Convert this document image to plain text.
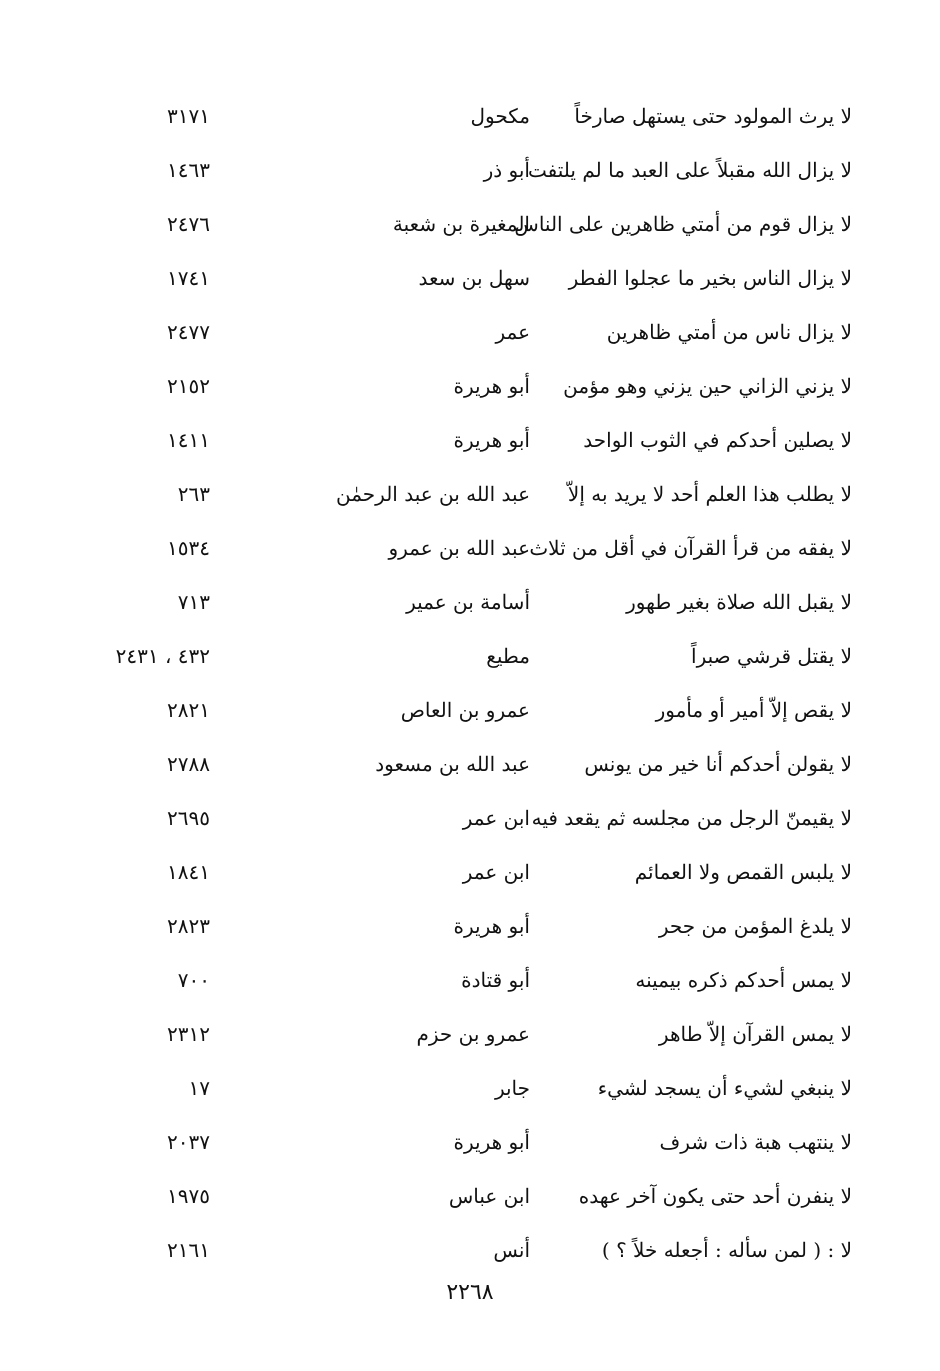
لا يرث المولود حتى يستهل صارخاً
مكحول
٣١٧١
لا يزال الله مقبلاً على العبد ما لم يلتفت
أبو ذر
١٤٦٣
لا يزال قوم من أمتي ظاهرين على الناس
المغيرة بن شعبة
٢٤٧٦
لا يزال الناس بخير ما عجلوا الفطر
سهل بن سعد
١٧٤١
لا يزال ناس من أمتي ظاهرين
عمر
٢٤٧٧
لا يزني الزاني حين يزني وهو مؤمن
أبو هريرة
٢١٥٢
لا يصلين أحدكم في الثوب الواحد
أبو هريرة
١٤١١
لا يطلب هذا العلم أحد لا يريد به إلاّ
عبد الله بن عبد الرحمٰن
٢٦٣
لا يفقه من قرأ القرآن في أقل من ثلاث
عبد الله بن عمرو
١٥٣٤
لا يقبل الله صلاة بغير طهور
أسامة بن عمير
٧١٣
لا يقتل قرشي صبراً
مطيع
٤٣٢ ، ٢٤٣١
لا يقص إلاّ أمير أو مأمور
عمرو بن العاص
٢٨٢١
لا يقولن أحدكم أنا خير من يونس
عبد الله بن مسعود
٢٧٨٨
لا يقيمنّ الرجل من مجلسه ثم يقعد فيه
ابن عمر
٢٦٩٥
لا يلبس القمص ولا العمائم
ابن عمر
١٨٤١
لا يلدغ المؤمن من جحر
أبو هريرة
٢٨٢٣
لا يمس أحدكم ذكره بيمينه
أبو قتادة
٧٠٠
لا يمس القرآن إلاّ طاهر
عمرو بن حزم
٢٣١٢
لا ينبغي لشيء أن يسجد لشيء
جابر
١٧
لا ينتهب هبة ذات شرف
أبو هريرة
٢٠٣٧
لا ينفرن أحد حتى يكون آخر عهده
ابن عباس
١٩٧٥
لا : ( لمن سأله : أجعله خلاً ؟ )
أنس
٢١٦١
٢٢٦٨
